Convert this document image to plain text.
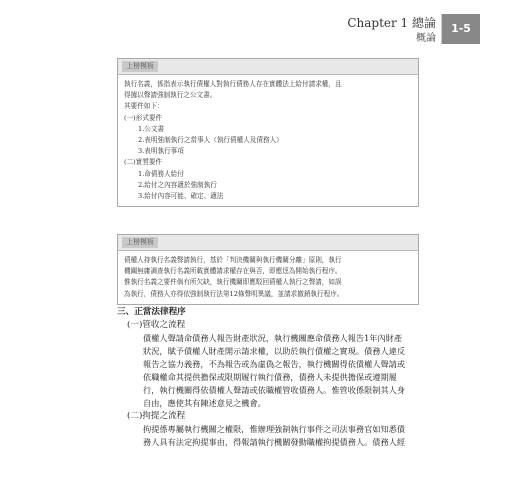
Chapter 1 總論
概論
1-5
上榜模板
執行名義，係指表示執行債權人對執行債務人存在實體法上給付請求權，且
得據以聲請強制執行之公文書。
其要件如下：
(一)形式要件
1.公文書
2.表明強制執行之當事人（執行債權人及債務人）
3.表明執行事項
(二)實質要件
1.命債務人給付
2.給付之內容適於強制執行
3.給付內容可能、確定、適法
上榜模板
債權人持執行名義聲請執行，基於「判決機關與執行機關分離」原則，執行
機關無庸調查執行名義所載實體請求權存在與否，即應逕為開始執行程序。
惟執行名義之要件倘有所欠缺，執行機關即應駁回債權人執行之聲請，如誤
為執行，債務人亦得依強制執行法第12條聲明異議，並請求撤銷執行程序。
三、正當法律程序
(一)管收之流程
債權人聲請命債務人報告財產狀況，執行機關應命債務人報告1年內財產
狀況，賦予債權人財產開示請求權，以助於執行債權之實現。債務人違反
報告之協力義務，不為報告或為虛偽之報告，執行機關得依債權人聲請或
依職權命其提供擔保或限期履行執行債務，債務人未提供擔保或遵期履
行，執行機關得依債權人聲請或依職權管收債務人。惟管收係限制其人身
自由，應使其有陳述意見之機會。
(二)拘提之流程
拘提係專屬執行機關之權限，惟辦理強制執行事件之司法事務官如知悉債
務人具有法定拘提事由，得報請執行機關發動職權拘提債務人。債務人經
